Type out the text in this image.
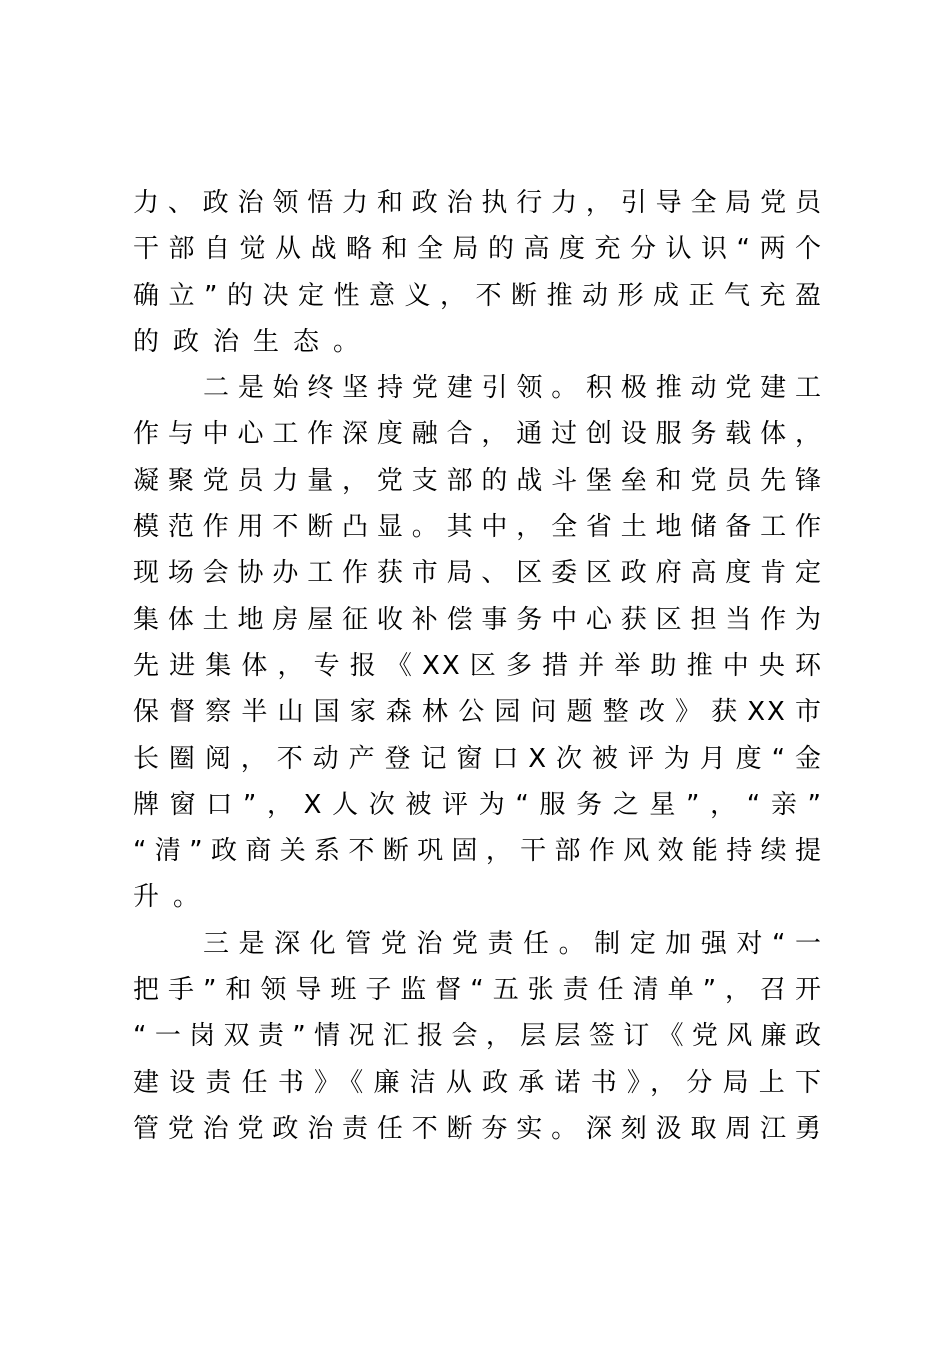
力、政治领悟力和政治执行力，引导全局党员
干部自觉从战略和全局的高度充分认识“两个
确立”的决定性意义，不断推动形成正气充盈
的政治生态。
二是始终坚持党建引领。积极推动党建工
作与中心工作深度融合，通过创设服务载体，
凝聚党员力量，党支部的战斗堡垒和党员先锋
模范作用不断凸显。其中，全省土地储备工作
现场会协办工作获市局、区委区政府高度肯定
集体土地房屋征收补偿事务中心获区担当作为
先进集体，专报《XX区多措并举助推中央环
保督察半山国家森林公园问题整改》获XX市
长圈阅，不动产登记窗口X次被评为月度“金
牌窗口”，X人次被评为“服务之星”，“亲”
“清”政商关系不断巩固，干部作风效能持续提
升。
三是深化管党治党责任。制定加强对“一
把手”和领导班子监督“五张责任清单”，召开
“一岗双责”情况汇报会，层层签订《党风廉政
建设责任书》《廉洁从政承诺书》，分局上下
管党治党政治责任不断夯实。深刻汲取周江勇
